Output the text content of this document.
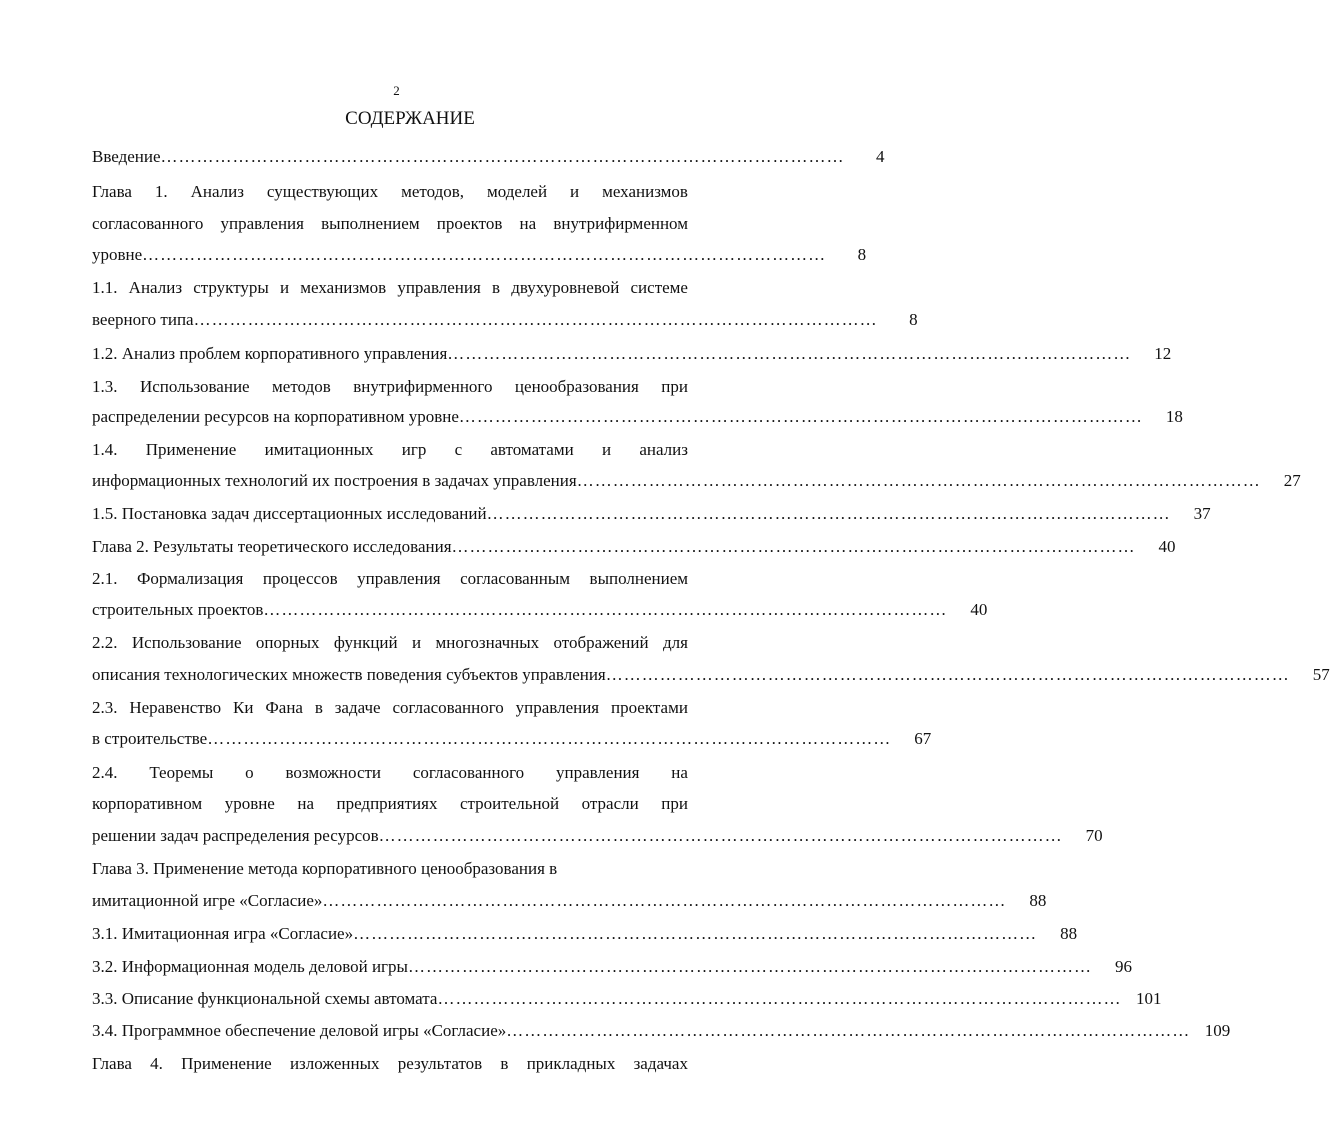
2
СОДЕРЖАНИЕ
Введение ……………………………………………………………………………………………………	4
Глава 1. Анализ существующих методов, моделей и механизмов
согласованного управления выполнением проектов на внутрифирменном
уровне ……………………………………………………………………………………………………	8
1.1. Анализ структуры и механизмов управления в двухуровневой системе
веерного типа ……………………………………………………………………………………………………	8
1.2. Анализ проблем корпоративного управления ……………………………………………………………………………………………………	12
1.3. Использование методов внутрифирменного ценообразования при
распределении ресурсов на корпоративном уровне ……………………………………………………………………………………………………	18
1.4. Применение имитационных игр с автоматами и анализ
информационных технологий их построения в задачах управления ……………………………………………………………………………………………………	27
1.5. Постановка задач диссертационных исследований ……………………………………………………………………………………………………	37
Глава 2. Результаты теоретического исследования ……………………………………………………………………………………………………	40
2.1. Формализация процессов управления согласованным выполнением
строительных проектов ……………………………………………………………………………………………………	40
2.2. Использование опорных функций и многозначных отображений для
описания технологических множеств поведения субъектов управления ……………………………………………………………………………………………………	57
2.3. Неравенство Ки Фана в задаче согласованного управления проектами
в строительстве ……………………………………………………………………………………………………	67
2.4. Теоремы о возможности согласованного управления на
корпоративном уровне на предприятиях строительной отрасли при
решении задач распределения ресурсов ……………………………………………………………………………………………………	70
Глава 3. Применение метода корпоративного ценообразования в
имитационной игре «Согласие» ……………………………………………………………………………………………………	88
3.1. Имитационная игра «Согласие» ……………………………………………………………………………………………………	88
3.2. Информационная модель деловой игры ……………………………………………………………………………………………………	96
3.3. Описание функциональной схемы автомата …………………………………………………………………………………………………… 101
3.4. Программное обеспечение деловой игры «Согласие» …………………………………………………………………………………………………… 109
Глава 4. Применение изложенных результатов в прикладных задачах
